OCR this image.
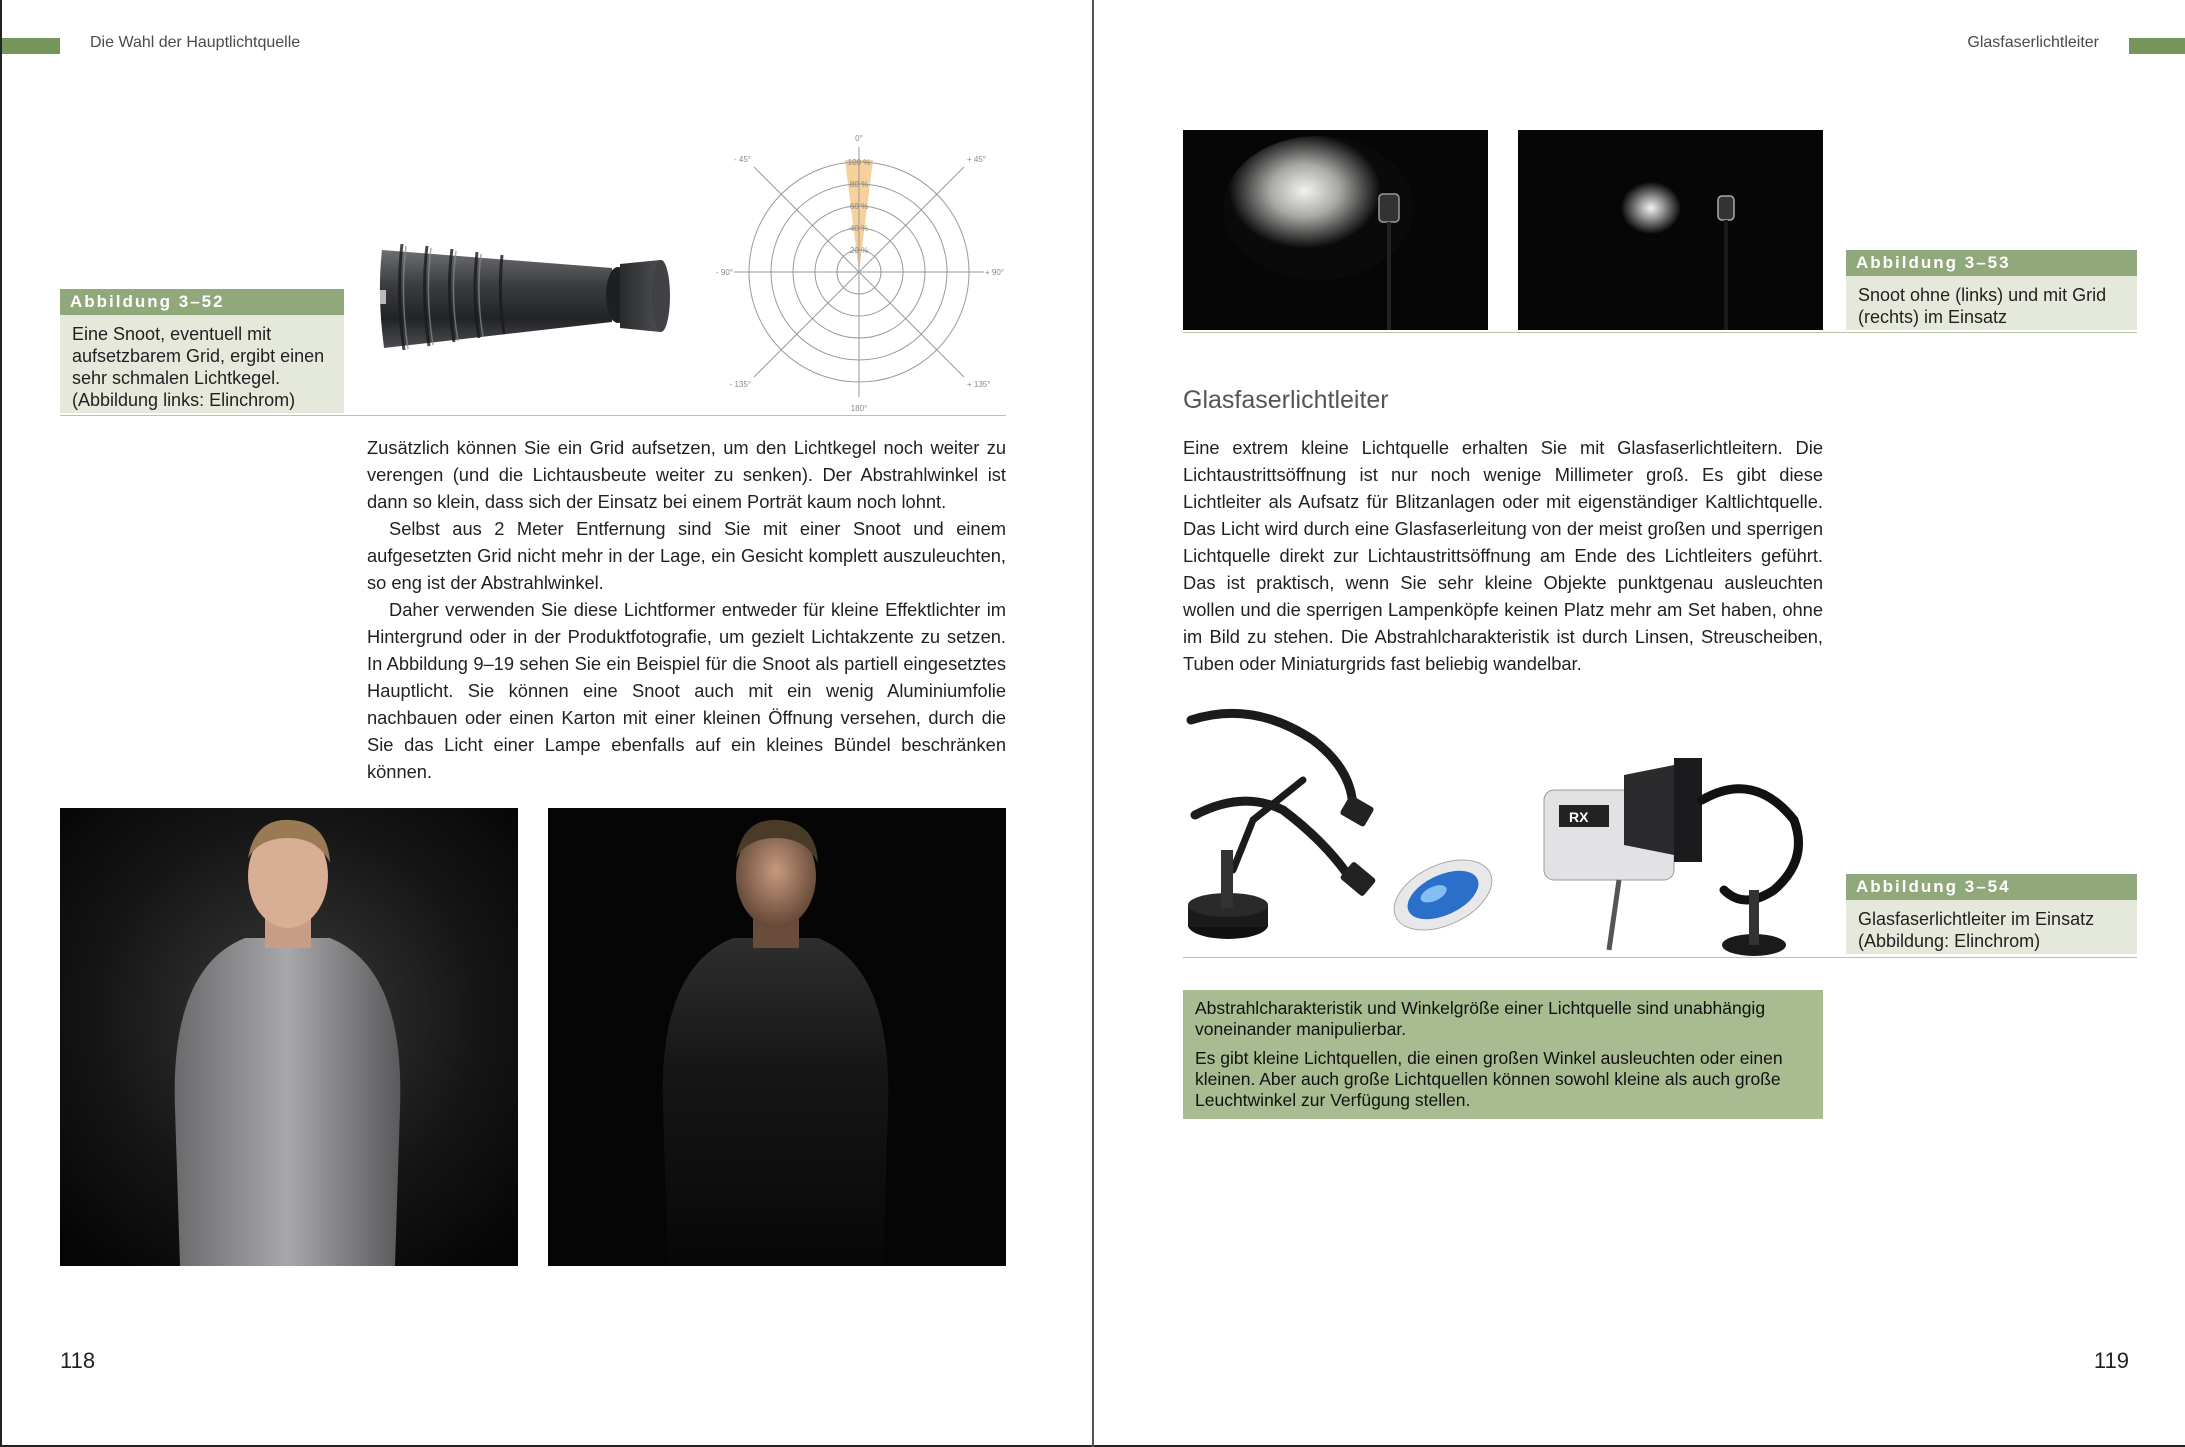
Die Wahl der Hauptlichtquelle
Abbildung 3–52
Eine Snoot, eventuell mit aufsetzbarem Grid, ergibt einen sehr schmalen Lichtkegel. (Abbildung links: Elinchrom)
0°
180°
- 90°	+ 90°
- 45°	+ 45°
- 135°	+ 135°
100 %
80 %
60 %
40 %
20 %

Zusätzlich können Sie ein Grid aufsetzen, um den Lichtkegel noch weiter zu verengen (und die Lichtausbeute weiter zu senken). Der Abstrahlwinkel ist dann so klein, dass sich der Einsatz bei einem Porträt kaum noch lohnt.

Selbst aus 2 Meter Entfernung sind Sie mit einer Snoot und einem aufgesetzten Grid nicht mehr in der Lage, ein Gesicht komplett auszuleuchten, so eng ist der Abstrahlwinkel.

Daher verwenden Sie diese Lichtformer entweder für kleine Effektlichter im Hintergrund oder in der Produktfotografie, um gezielt Lichtakzente zu setzen. In Abbildung 9–19 sehen Sie ein Beispiel für die Snoot als partiell eingesetztes Hauptlicht. Sie können eine Snoot auch mit ein wenig Aluminiumfolie nachbauen oder einen Karton mit einer kleinen Öffnung versehen, durch die Sie das Licht einer Lampe ebenfalls auf ein kleines Bündel beschränken können.

118
Glasfaserlichtleiter
Abbildung 3–53
Snoot ohne (links) und mit Grid (rechts) im Einsatz
Glasfaserlichtleiter

Eine extrem kleine Lichtquelle erhalten Sie mit Glasfaserlichtleitern. Die Lichtaustrittsöffnung ist nur noch wenige Millimeter groß. Es gibt diese Lichtleiter als Aufsatz für Blitzanlagen oder mit eigenständiger Kaltlichtquelle. Das Licht wird durch eine Glasfaserleitung von der meist großen und sperrigen Lichtquelle direkt zur Lichtaustrittsöffnung am Ende des Lichtleiters geführt. Das ist praktisch, wenn Sie sehr kleine Objekte punktgenau ausleuchten wollen und die sperrigen Lampenköpfe keinen Platz mehr am Set haben, ohne im Bild zu stehen. Die Abstrahlcharakteristik ist durch Linsen, Streuscheiben, Tuben oder Miniaturgrids fast beliebig wandelbar.

RX
Abbildung 3–54
Glasfaserlichtleiter im Einsatz (Abbildung: Elinchrom)

Abstrahlcharakteristik und Winkelgröße einer Lichtquelle sind unabhängig voneinander manipulierbar.

Es gibt kleine Lichtquellen, die einen großen Winkel ausleuchten oder einen kleinen. Aber auch große Lichtquellen können sowohl kleine als auch große Leuchtwinkel zur Verfügung stellen.

119
